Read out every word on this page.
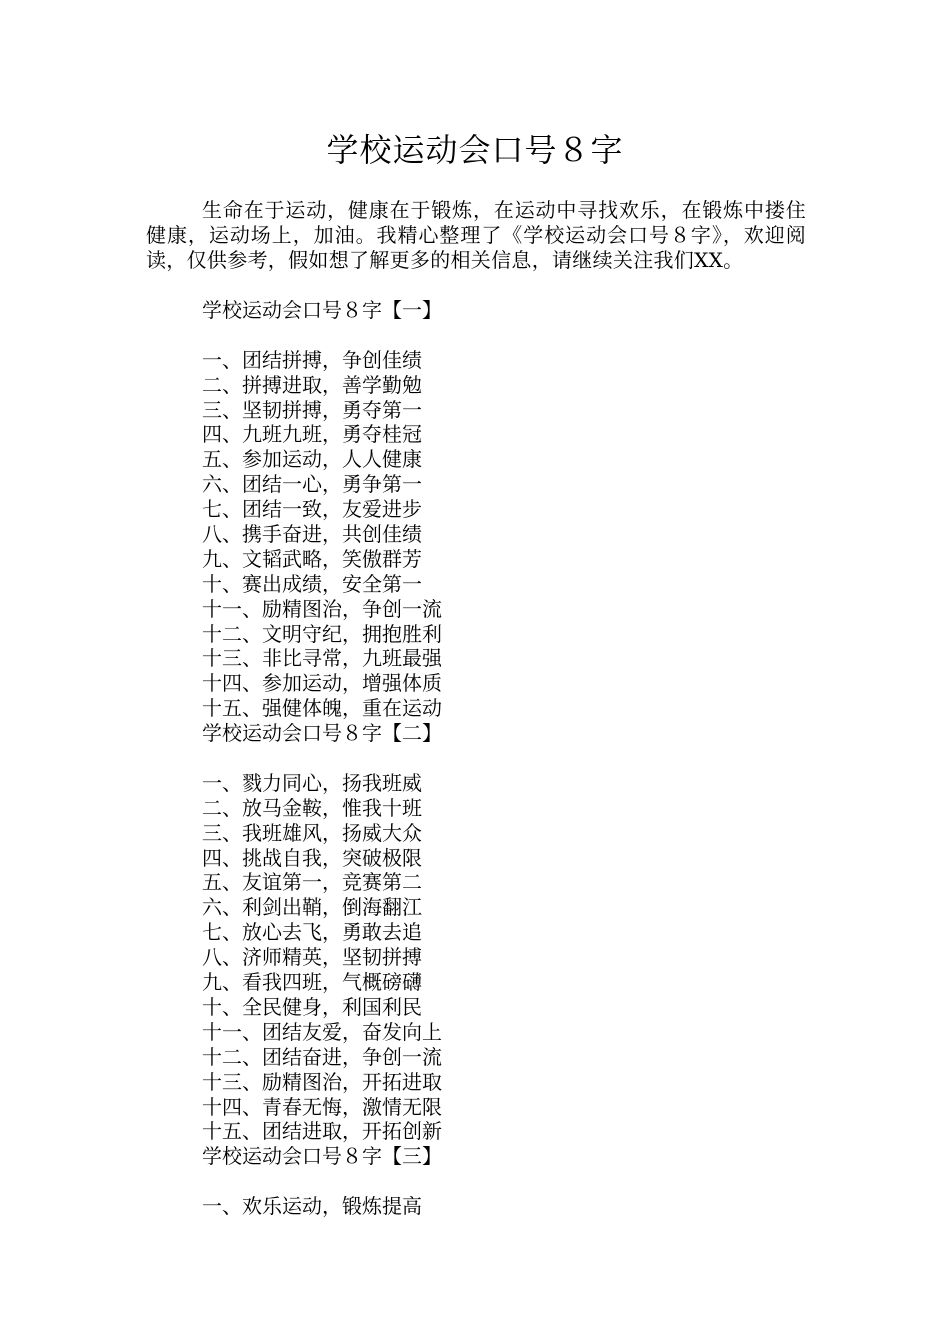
学校运动会口号８字
生命在于运动，健康在于锻炼，在运动中寻找欢乐，在锻炼中搂住健康，运动场上，加油。我精心整理了《学校运动会口号８字》，欢迎阅读，仅供参考，假如想了解更多的相关信息，请继续关注我们XX。
学校运动会口号８字【一】
一、团结拼搏，争创佳绩
二、拼搏进取，善学勤勉
三、坚韧拼搏，勇夺第一
四、九班九班，勇夺桂冠
五、参加运动，人人健康
六、团结一心，勇争第一
七、团结一致，友爱进步
八、携手奋进，共创佳绩
九、文韬武略，笑傲群芳
十、赛出成绩，安全第一
十一、励精图治，争创一流
十二、文明守纪，拥抱胜利
十三、非比寻常，九班最强
十四、参加运动，增强体质
十五、强健体魄，重在运动
学校运动会口号８字【二】
一、戮力同心，扬我班威
二、放马金鞍，惟我十班
三、我班雄风，扬威大众
四、挑战自我，突破极限
五、友谊第一，竞赛第二
六、利剑出鞘，倒海翻江
七、放心去飞，勇敢去追
八、济师精英，坚韧拼搏
九、看我四班，气概磅礴
十、全民健身，利国利民
十一、团结友爱，奋发向上
十二、团结奋进，争创一流
十三、励精图治，开拓进取
十四、青春无悔，激情无限
十五、团结进取，开拓创新
学校运动会口号８字【三】
一、欢乐运动，锻炼提高
